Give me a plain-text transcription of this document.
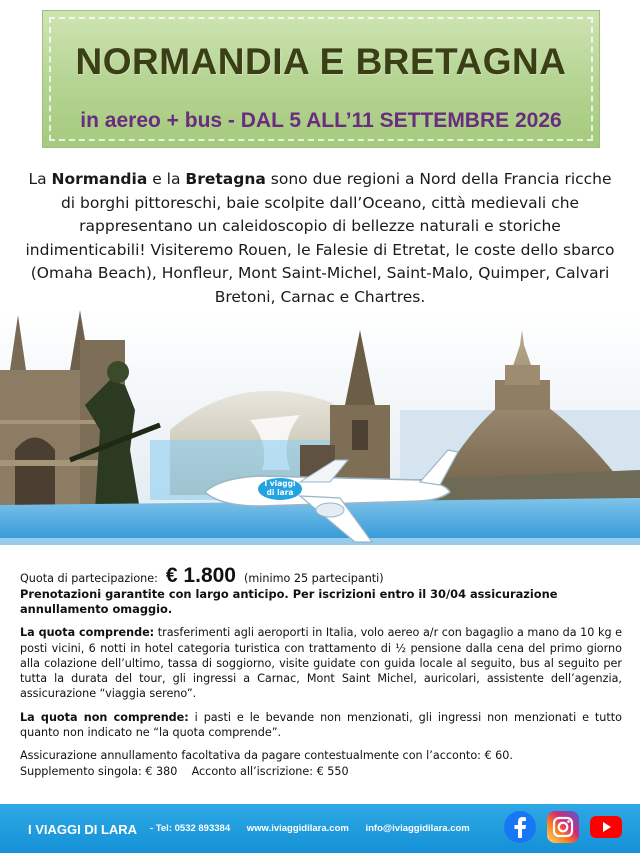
NORMANDIA E BRETAGNA
in aereo + bus - DAL 5 ALL’11 SETTEMBRE 2026
La Normandia e la Bretagna sono due regioni a Nord della Francia ricche di borghi pittoreschi, baie scolpite dall’Oceano, città medievali che rappresentano un caleidoscopio di bellezze naturali e storiche indimenticabili! Visiteremo Rouen, le Falesie di Etretat, le coste dello sbarco (Omaha Beach), Honfleur, Mont Saint-Michel, Saint-Malo, Quimper, Calvari Bretoni, Carnac e Chartres.
I viaggi
di lara
Quota di partecipazione: € 1.800 (minimo 25 partecipanti)
Prenotazioni garantite con largo anticipo. Per iscrizioni entro il 30/04 assicurazione annullamento omaggio.
La quota comprende: trasferimenti agli aeroporti in Italia, volo aereo a/r con bagaglio a mano da 10 kg e posti vicini, 6 notti in hotel categoria turistica con trattamento di ½ pensione dalla cena del primo giorno alla colazione dell’ultimo, tassa di soggiorno, visite guidate con guida locale al seguito, bus al seguito per tutta la durata del tour, gli ingressi a Carnac, Mont Saint Michel, auricolari, assistente dell’agenzia, assicurazione “viaggia sereno”.
La quota non comprende: i pasti e le bevande non menzionati, gli ingressi non menzionati e tutto quanto non indicato ne “la quota comprende”.
Assicurazione annullamento facoltativa da pagare contestualmente con l’acconto: € 60.
Supplemento singola: € 380 Acconto all’iscrizione: € 550
I VIAGGI DI LARA - Tel: 0532 893384 www.iviaggidilara.com info@iviaggidilara.com
